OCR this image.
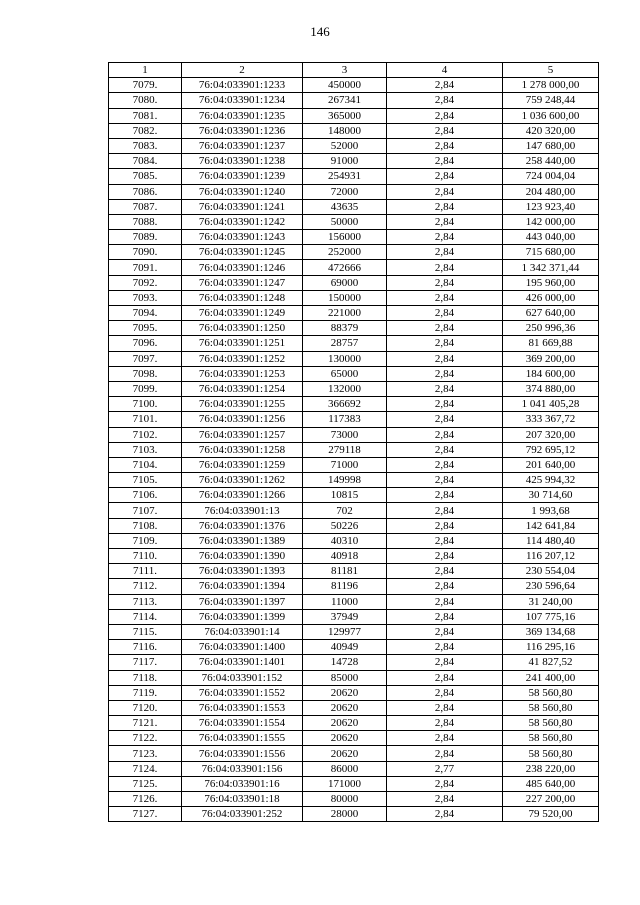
146
1	2	3	4	5
7079.	76:04:033901:1233	450000	2,84	1 278 000,00
7080.	76:04:033901:1234	267341	2,84	759 248,44
7081.	76:04:033901:1235	365000	2,84	1 036 600,00
7082.	76:04:033901:1236	148000	2,84	420 320,00
7083.	76:04:033901:1237	52000	2,84	147 680,00
7084.	76:04:033901:1238	91000	2,84	258 440,00
7085.	76:04:033901:1239	254931	2,84	724 004,04
7086.	76:04:033901:1240	72000	2,84	204 480,00
7087.	76:04:033901:1241	43635	2,84	123 923,40
7088.	76:04:033901:1242	50000	2,84	142 000,00
7089.	76:04:033901:1243	156000	2,84	443 040,00
7090.	76:04:033901:1245	252000	2,84	715 680,00
7091.	76:04:033901:1246	472666	2,84	1 342 371,44
7092.	76:04:033901:1247	69000	2,84	195 960,00
7093.	76:04:033901:1248	150000	2,84	426 000,00
7094.	76:04:033901:1249	221000	2,84	627 640,00
7095.	76:04:033901:1250	88379	2,84	250 996,36
7096.	76:04:033901:1251	28757	2,84	81 669,88
7097.	76:04:033901:1252	130000	2,84	369 200,00
7098.	76:04:033901:1253	65000	2,84	184 600,00
7099.	76:04:033901:1254	132000	2,84	374 880,00
7100.	76:04:033901:1255	366692	2,84	1 041 405,28
7101.	76:04:033901:1256	117383	2,84	333 367,72
7102.	76:04:033901:1257	73000	2,84	207 320,00
7103.	76:04:033901:1258	279118	2,84	792 695,12
7104.	76:04:033901:1259	71000	2,84	201 640,00
7105.	76:04:033901:1262	149998	2,84	425 994,32
7106.	76:04:033901:1266	10815	2,84	30 714,60
7107.	76:04:033901:13	702	2,84	1 993,68
7108.	76:04:033901:1376	50226	2,84	142 641,84
7109.	76:04:033901:1389	40310	2,84	114 480,40
7110.	76:04:033901:1390	40918	2,84	116 207,12
7111.	76:04:033901:1393	81181	2,84	230 554,04
7112.	76:04:033901:1394	81196	2,84	230 596,64
7113.	76:04:033901:1397	11000	2,84	31 240,00
7114.	76:04:033901:1399	37949	2,84	107 775,16
7115.	76:04:033901:14	129977	2,84	369 134,68
7116.	76:04:033901:1400	40949	2,84	116 295,16
7117.	76:04:033901:1401	14728	2,84	41 827,52
7118.	76:04:033901:152	85000	2,84	241 400,00
7119.	76:04:033901:1552	20620	2,84	58 560,80
7120.	76:04:033901:1553	20620	2,84	58 560,80
7121.	76:04:033901:1554	20620	2,84	58 560,80
7122.	76:04:033901:1555	20620	2,84	58 560,80
7123.	76:04:033901:1556	20620	2,84	58 560,80
7124.	76:04:033901:156	86000	2,77	238 220,00
7125.	76:04:033901:16	171000	2,84	485 640,00
7126.	76:04:033901:18	80000	2,84	227 200,00
7127.	76:04:033901:252	28000	2,84	79 520,00
